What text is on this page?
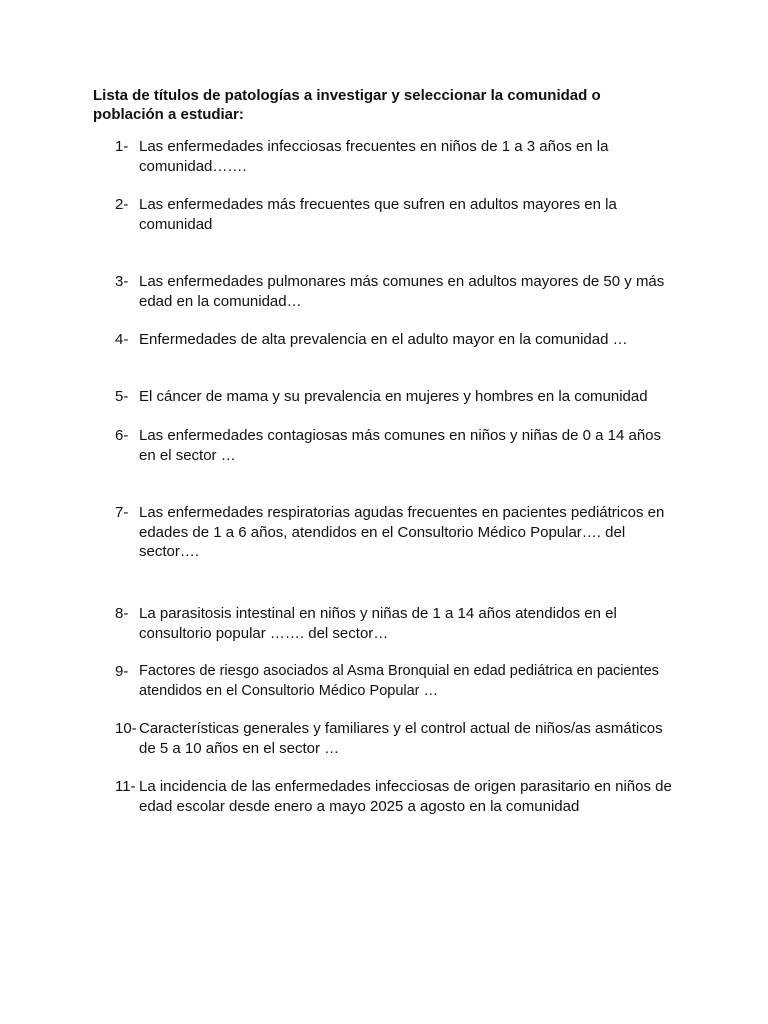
Lista de títulos de patologías a investigar y seleccionar la comunidad o población a estudiar:
1- Las enfermedades infecciosas frecuentes en niños de 1 a 3 años en la comunidad…….
2- Las enfermedades más frecuentes que sufren en adultos mayores en la comunidad
3- Las enfermedades pulmonares más comunes en adultos mayores de 50 y más edad en la comunidad…
4- Enfermedades de alta prevalencia en el adulto mayor en la comunidad …
5- El cáncer de mama y su prevalencia en mujeres y hombres en la comunidad
6- Las enfermedades contagiosas más comunes en niños y niñas de 0 a 14 años en el sector …
7- Las enfermedades respiratorias agudas frecuentes en pacientes pediátricos en edades de 1 a 6 años, atendidos en el Consultorio Médico Popular…. del sector….
8- La parasitosis intestinal en niños y niñas de 1 a 14 años atendidos en el consultorio popular ……. del sector…
9- Factores de riesgo asociados al Asma Bronquial en edad pediátrica en pacientes atendidos en el Consultorio Médico Popular …
10- Características generales y familiares y el control actual de niños/as asmáticos de 5 a 10 años en el sector …
11- La incidencia de las enfermedades infecciosas de origen parasitario en niños de edad escolar desde enero a mayo 2025 a agosto en la comunidad
